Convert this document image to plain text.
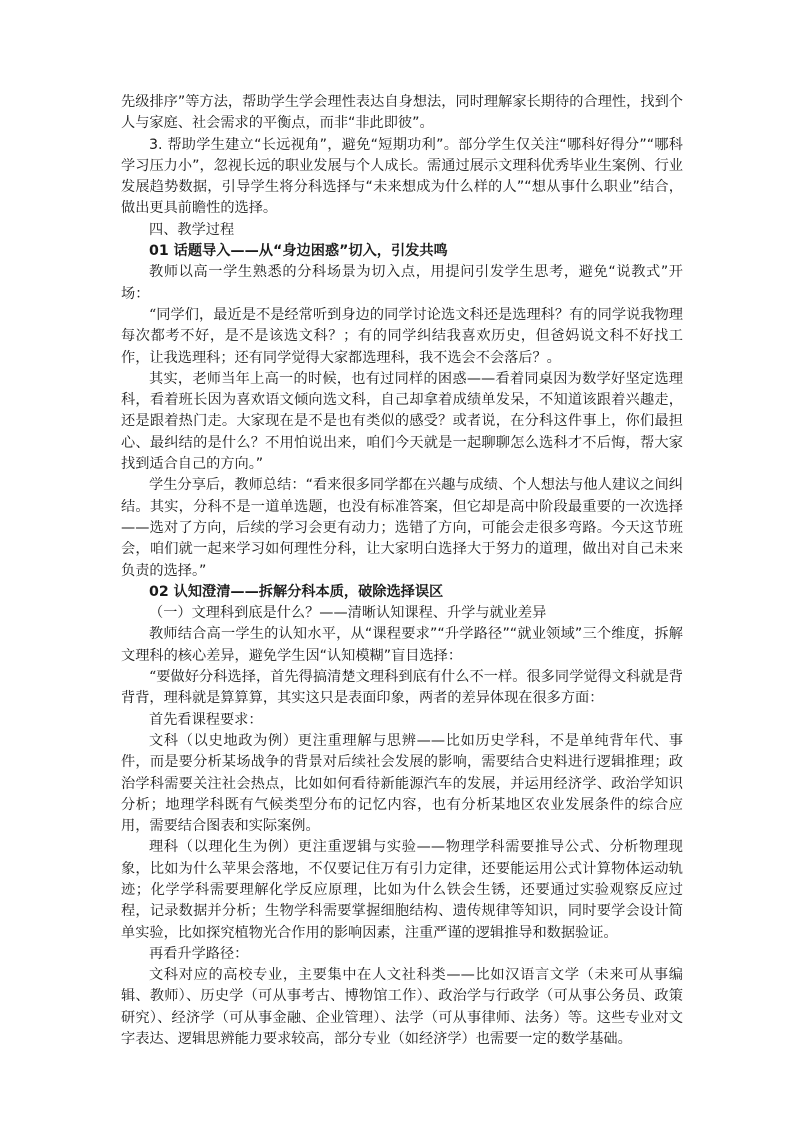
先级排序”等方法，帮助学生学会理性表达自身想法，同时理解家长期待的合理性，找到个人与家庭、社会需求的平衡点，而非“非此即彼”。

3. 帮助学生建立“长远视角”，避免“短期功利”。部分学生仅关注“哪科好得分”“哪科学习压力小”，忽视长远的职业发展与个人成长。需通过展示文理科优秀毕业生案例、行业发展趋势数据，引导学生将分科选择与“未来想成为什么样的人”“想从事什么职业”结合，做出更具前瞻性的选择。

四、教学过程

01 话题导入——从“身边困惑”切入，引发共鸣

教师以高一学生熟悉的分科场景为切入点，用提问引发学生思考，避免“说教式”开场：

“同学们，最近是不是经常听到身边的同学讨论选文科还是选理科？有的同学说我物理每次都考不好，是不是该选文科？；有的同学纠结我喜欢历史，但爸妈说文科不好找工作，让我选理科；还有同学觉得大家都选理科，我不选会不会落后？。

其实，老师当年上高一的时候，也有过同样的困惑——看着同桌因为数学好坚定选理科，看着班长因为喜欢语文倾向选文科，自己却拿着成绩单发呆，不知道该跟着兴趣走，还是跟着热门走。大家现在是不是也有类似的感受？或者说，在分科这件事上，你们最担心、最纠结的是什么？不用怕说出来，咱们今天就是一起聊聊怎么选科才不后悔，帮大家找到适合自己的方向。”

学生分享后，教师总结：“看来很多同学都在兴趣与成绩、个人想法与他人建议之间纠结。其实，分科不是一道单选题，也没有标准答案，但它却是高中阶段最重要的一次选择——选对了方向，后续的学习会更有动力；选错了方向，可能会走很多弯路。今天这节班会，咱们就一起来学习如何理性分科，让大家明白选择大于努力的道理，做出对自己未来负责的选择。”

02 认知澄清——拆解分科本质，破除选择误区

（一）文理科到底是什么？——清晰认知课程、升学与就业差异

教师结合高一学生的认知水平，从“课程要求”“升学路径”“就业领域”三个维度，拆解文理科的核心差异，避免学生因“认知模糊”盲目选择：

“要做好分科选择，首先得搞清楚文理科到底有什么不一样。很多同学觉得文科就是背背背，理科就是算算算，其实这只是表面印象，两者的差异体现在很多方面：

首先看课程要求：

文科（以史地政为例）更注重理解与思辨——比如历史学科，不是单纯背年代、事件，而是要分析某场战争的背景对后续社会发展的影响，需要结合史料进行逻辑推理；政治学科需要关注社会热点，比如如何看待新能源汽车的发展，并运用经济学、政治学知识分析；地理学科既有气候类型分布的记忆内容，也有分析某地区农业发展条件的综合应用，需要结合图表和实际案例。

理科（以理化生为例）更注重逻辑与实验——物理学科需要推导公式、分析物理现象，比如为什么苹果会落地，不仅要记住万有引力定律，还要能运用公式计算物体运动轨迹；化学学科需要理解化学反应原理，比如为什么铁会生锈，还要通过实验观察反应过程，记录数据并分析；生物学科需要掌握细胞结构、遗传规律等知识，同时要学会设计简单实验，比如探究植物光合作用的影响因素，注重严谨的逻辑推导和数据验证。

再看升学路径：

文科对应的高校专业，主要集中在人文社科类——比如汉语言文学（未来可从事编辑、教师）、历史学（可从事考古、博物馆工作）、政治学与行政学（可从事公务员、政策研究）、经济学（可从事金融、企业管理）、法学（可从事律师、法务）等。这些专业对文字表达、逻辑思辨能力要求较高，部分专业（如经济学）也需要一定的数学基础。
